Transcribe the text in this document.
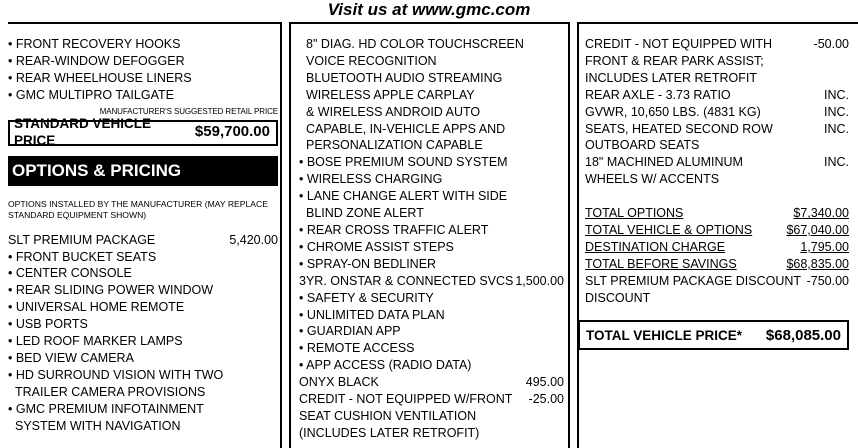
Visit us at www.gmc.com
• FRONT RECOVERY HOOKS
• REAR-WINDOW DEFOGGER
• REAR WHEELHOUSE LINERS
• GMC MULTIPRO TAILGATE
MANUFACTURER'S SUGGESTED RETAIL PRICE
STANDARD VEHICLE PRICE	$59,700.00
OPTIONS & PRICING
OPTIONS INSTALLED BY THE MANUFACTURER (MAY REPLACE
STANDARD EQUIPMENT SHOWN)
SLT PREMIUM PACKAGE	5,420.00
• FRONT BUCKET SEATS
• CENTER CONSOLE
• REAR SLIDING POWER WINDOW
• UNIVERSAL HOME REMOTE
• USB PORTS
• LED ROOF MARKER LAMPS
• BED VIEW CAMERA
• HD SURROUND VISION WITH TWO
TRAILER CAMERA PROVISIONS
• GMC PREMIUM INFOTAINMENT
SYSTEM WITH NAVIGATION
8" DIAG. HD COLOR TOUCHSCREEN
VOICE RECOGNITION
BLUETOOTH AUDIO STREAMING
WIRELESS APPLE CARPLAY
& WIRELESS ANDROID AUTO
CAPABLE, IN-VEHICLE APPS AND
PERSONALIZATION CAPABLE
• BOSE PREMIUM SOUND SYSTEM
• WIRELESS CHARGING
• LANE CHANGE ALERT WITH SIDE
BLIND ZONE ALERT
• REAR CROSS TRAFFIC ALERT
• CHROME ASSIST STEPS
• SPRAY-ON BEDLINER
3YR. ONSTAR & CONNECTED SVCS 1,500.00
• SAFETY & SECURITY
• UNLIMITED DATA PLAN
• GUARDIAN APP
• REMOTE ACCESS
• APP ACCESS (RADIO DATA)
ONYX BLACK	495.00
CREDIT - NOT EQUIPPED W/FRONT -25.00
SEAT CUSHION VENTILATION
(INCLUDES LATER RETROFIT)
CREDIT - NOT EQUIPPED WITH	-50.00
FRONT & REAR PARK ASSIST;
INCLUDES LATER RETROFIT
REAR AXLE - 3.73 RATIO	INC.
GVWR, 10,650 LBS. (4831 KG)	INC.
SEATS, HEATED SECOND ROW	INC.
OUTBOARD SEATS
18" MACHINED ALUMINUM	INC.
WHEELS W/ ACCENTS
TOTAL OPTIONS	$7,340.00
TOTAL VEHICLE & OPTIONS	$67,040.00
DESTINATION CHARGE	1,795.00
TOTAL BEFORE SAVINGS	$68,835.00
SLT PREMIUM PACKAGE DISCOUNT -750.00
DISCOUNT
TOTAL VEHICLE PRICE* $68,085.00
